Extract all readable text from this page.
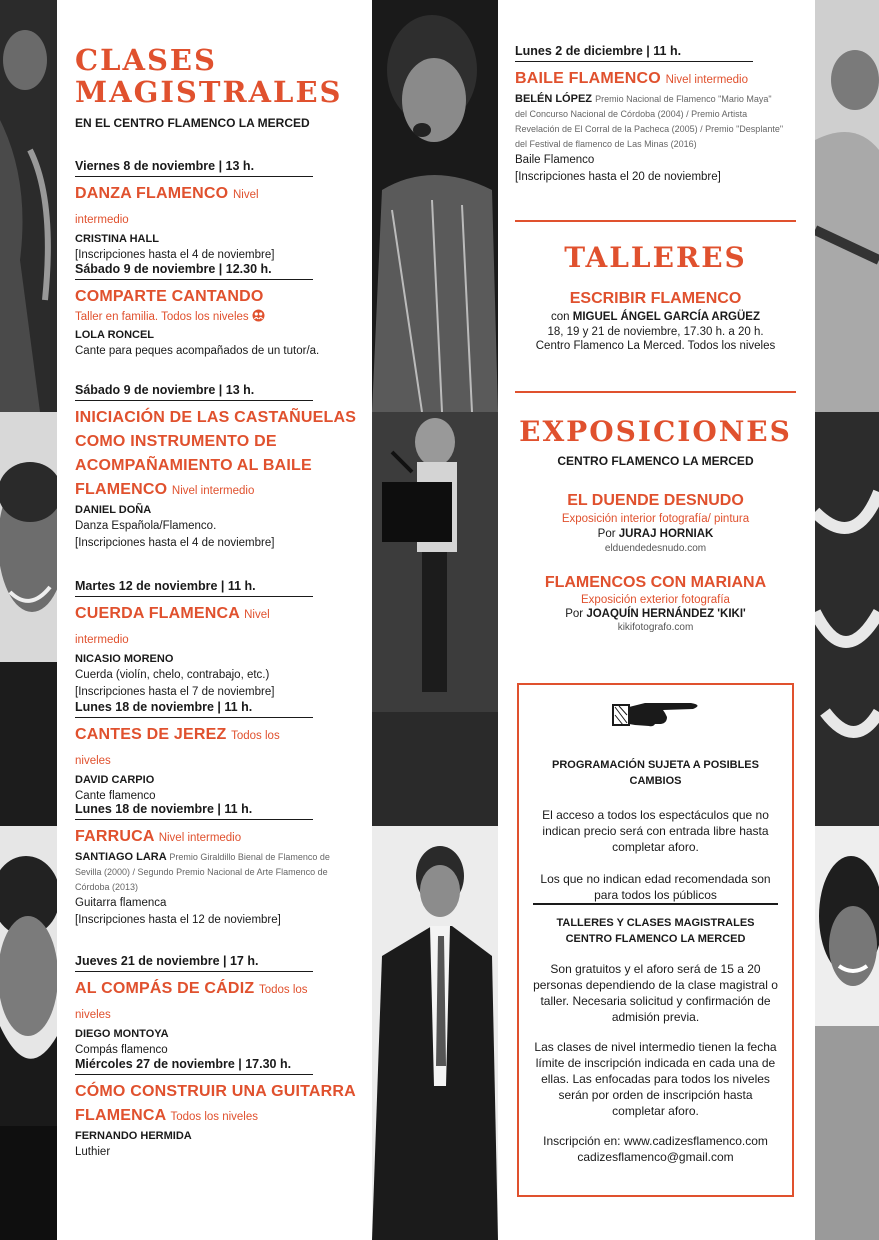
CLASES
MAGISTRALES
EN EL CENTRO FLAMENCO LA MERCED
Viernes 8 de noviembre | 13 h.
DANZA FLAMENCO Nivel intermedio
CRISTINA HALL
[Inscripciones hasta el 4 de noviembre]
Sábado 9 de noviembre | 12.30 h.
COMPARTE CANTANDO
Taller en familia. Todos los niveles
LOLA RONCEL
Cante para peques acompañados de un tutor/a.
Sábado 9 de noviembre | 13 h.
INICIACIÓN DE LAS CASTAÑUELAS
COMO INSTRUMENTO DE
ACOMPAÑAMIENTO AL BAILE
FLAMENCO Nivel intermedio
DANIEL DOÑA
Danza Española/Flamenco.
[Inscripciones hasta el 4 de noviembre]
Martes 12 de noviembre | 11 h.
CUERDA FLAMENCA Nivel intermedio
NICASIO MORENO
Cuerda (violín, chelo, contrabajo, etc.)
[Inscripciones hasta el 7 de noviembre]
Lunes 18 de noviembre | 11 h.
CANTES DE JEREZ Todos los niveles
DAVID CARPIO
Cante flamenco
Lunes 18 de noviembre | 11 h.
FARRUCA Nivel intermedio
SANTIAGO LARA Premio Giraldillo Bienal de Flamenco de Sevilla (2000) / Segundo Premio Nacional de Arte Flamenco de Córdoba (2013)
Guitarra flamenca
[Inscripciones hasta el 12 de noviembre]
Jueves 21 de noviembre | 17 h.
AL COMPÁS DE CÁDIZ Todos los niveles
DIEGO MONTOYA
Compás flamenco
Miércoles 27 de noviembre | 17.30 h.
CÓMO CONSTRUIR UNA GUITARRA
FLAMENCA Todos los niveles
FERNANDO HERMIDA
Luthier
Lunes 2 de diciembre | 11 h.
BAILE FLAMENCO Nivel intermedio
BELÉN LÓPEZ Premio Nacional de Flamenco "Mario Maya" del Concurso Nacional de Córdoba (2004) / Premio Artista Revelación de El Corral de la Pacheca (2005) / Premio "Desplante" del Festival de flamenco de Las Minas (2016)
Baile Flamenco
[Inscripciones hasta el 20 de noviembre]
TALLERES
ESCRIBIR FLAMENCO
con MIGUEL ÁNGEL GARCÍA ARGÜEZ
18, 19 y 21 de noviembre, 17.30 h. a 20 h.
Centro Flamenco La Merced. Todos los niveles
EXPOSICIONES
CENTRO FLAMENCO LA MERCED
EL DUENDE DESNUDO
Exposición interior fotografía/ pintura
Por JURAJ HORNIAK
elduendedesnudo.com
FLAMENCOS CON MARIANA
Exposición exterior fotografía
Por JOAQUÍN HERNÁNDEZ 'KIKI'
kikifotografo.com

PROGRAMACIÓN SUJETA A POSIBLES CAMBIOS

El acceso a todos los espectáculos que no indican precio será con entrada libre hasta completar aforo.

Los que no indican edad recomendada son para todos los públicos

TALLERES Y CLASES MAGISTRALES CENTRO FLAMENCO LA MERCED

Son gratuitos y el aforo será de 15 a 20 personas dependiendo de la clase magistral o taller. Necesaria solicitud y confirmación de admisión previa.

Las clases de nivel intermedio tienen la fecha límite de inscripción indicada en cada una de ellas. Las enfocadas para todos los niveles serán por orden de inscripción hasta completar aforo.

Inscripción en: www.cadizesflamenco.com

cadizesflamenco@gmail.com
